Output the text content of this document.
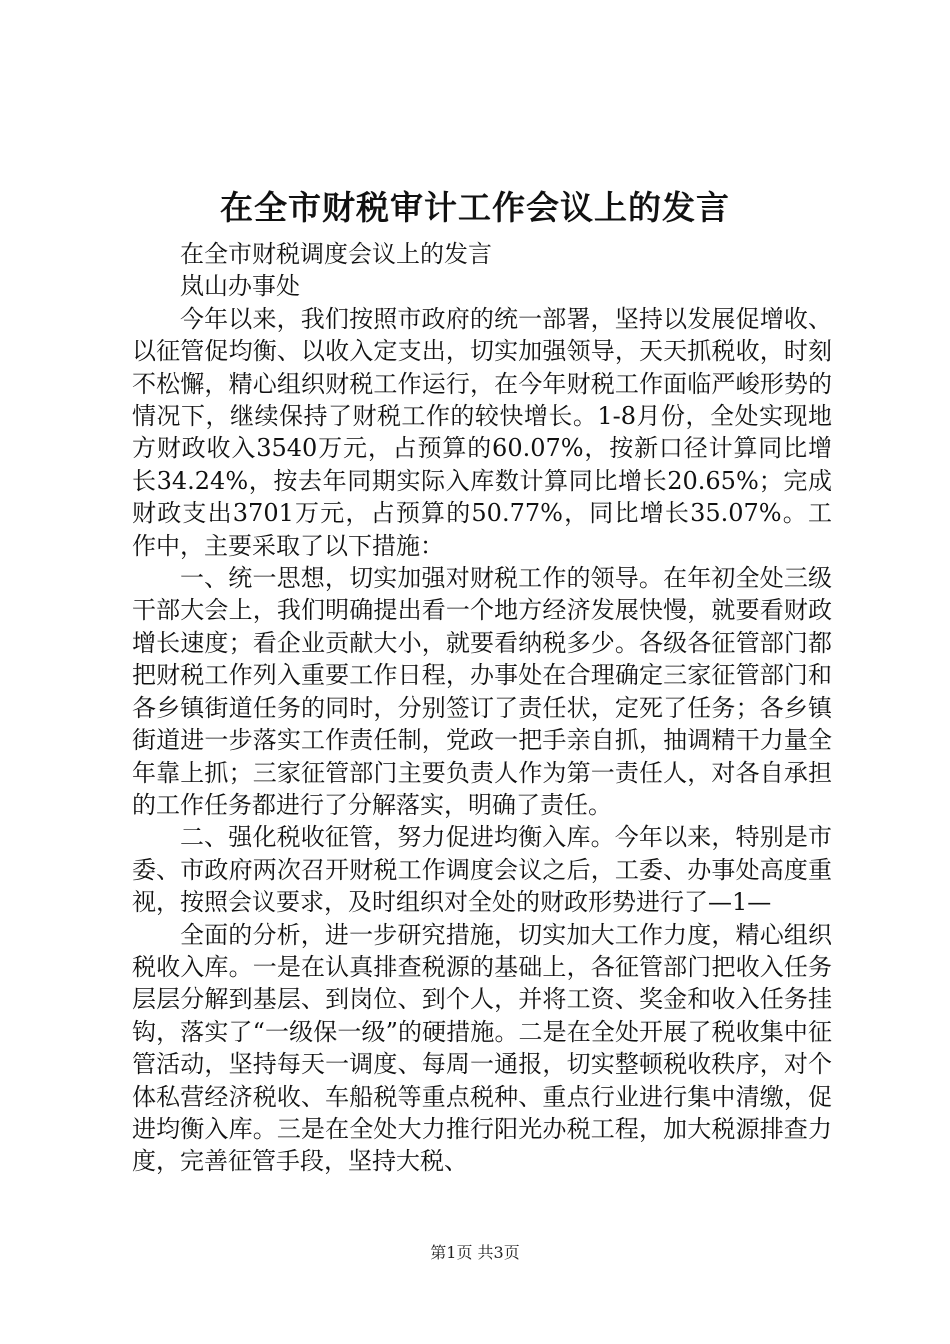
在全市财税审计工作会议上的发言

在全市财税调度会议上的发言

岚山办事处

今年以来，我们按照市政府的统一部署，坚持以发展促增收、以征管促均衡、以收入定支出，切实加强领导，天天抓税收，时刻不松懈，精心组织财税工作运行，在今年财税工作面临严峻形势的情况下，继续保持了财税工作的较快增长。1-8月份，全处实现地方财政收入3540万元，占预算的60.07%，按新口径计算同比增长34.24%，按去年同期实际入库数计算同比增长20.65%；完成财政支出3701万元，占预算的50.77%，同比增长35.07%。工作中，主要采取了以下措施：

一、统一思想，切实加强对财税工作的领导。在年初全处三级干部大会上，我们明确提出看一个地方经济发展快慢，就要看财政增长速度；看企业贡献大小，就要看纳税多少。各级各征管部门都把财税工作列入重要工作日程，办事处在合理确定三家征管部门和各乡镇街道任务的同时，分别签订了责任状，定死了任务；各乡镇街道进一步落实工作责任制，党政一把手亲自抓，抽调精干力量全年靠上抓；三家征管部门主要负责人作为第一责任人，对各自承担的工作任务都进行了分解落实，明确了责任。

二、强化税收征管，努力促进均衡入库。今年以来，特别是市委、市政府两次召开财税工作调度会议之后，工委、办事处高度重视，按照会议要求，及时组织对全处的财政形势进行了—1—

全面的分析，进一步研究措施，切实加大工作力度，精心组织税收入库。一是在认真排查税源的基础上，各征管部门把收入任务层层分解到基层、到岗位、到个人，并将工资、奖金和收入任务挂钩，落实了“一级保一级”的硬措施。二是在全处开展了税收集中征管活动，坚持每天一调度、每周一通报，切实整顿税收秩序，对个体私营经济税收、车船税等重点税种、重点行业进行集中清缴，促进均衡入库。三是在全处大力推行阳光办税工程，加大税源排查力度，完善征管手段，坚持大税、

第1页 共3页
